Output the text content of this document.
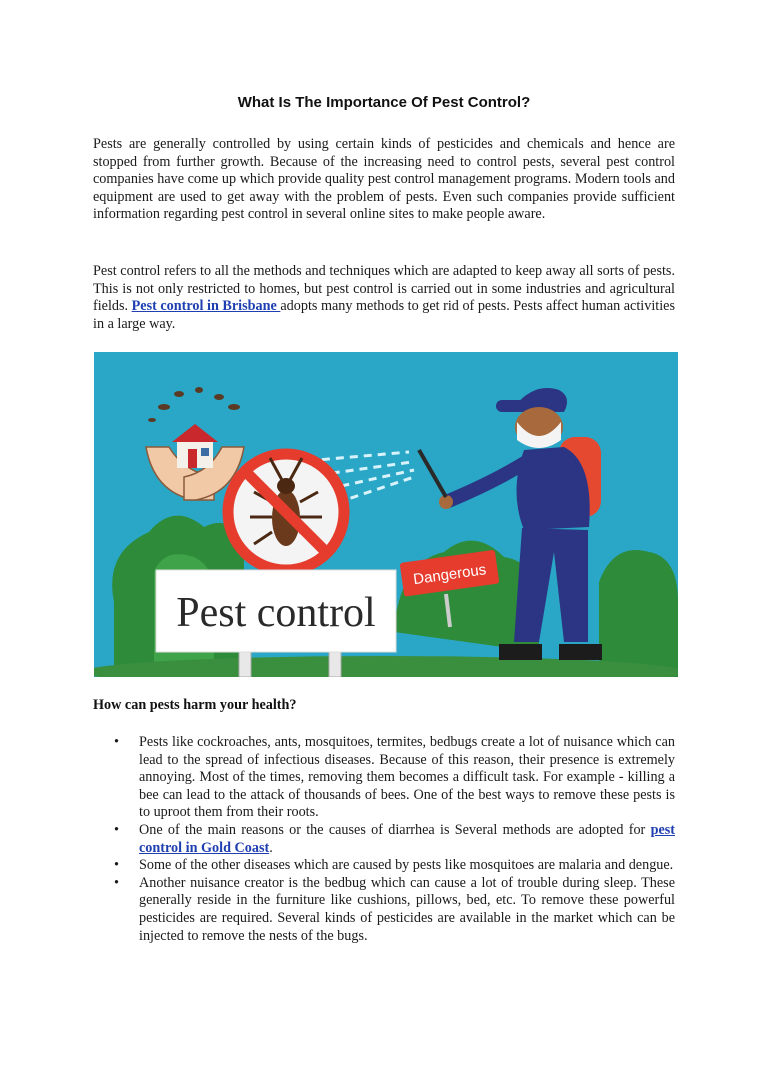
What Is The Importance Of Pest Control?

Pests are generally controlled by using certain kinds of pesticides and chemicals and hence are stopped from further growth. Because of the increasing need to control pests, several pest control companies have come up which provide quality pest control management programs. Modern tools and equipment are used to get away with the problem of pests. Even such companies provide sufficient information regarding pest control in several online sites to make people aware.

Pest control refers to all the methods and techniques which are adapted to keep away all sorts of pests. This is not only restricted to homes, but pest control is carried out in some industries and agricultural fields. Pest control in Brisbane adopts many methods to get rid of pests. Pests affect human activities in a large way.

Dangerous
Pest control
How can pests harm your health?
• Pests like cockroaches, ants, mosquitoes, termites, bedbugs create a lot of nuisance which can lead to the spread of infectious diseases. Because of this reason, their presence is extremely annoying. Most of the times, removing them becomes a difficult task. For example - killing a bee can lead to the attack of thousands of bees. One of the best ways to remove these pests is to uproot them from their roots.
• One of the main reasons or the causes of diarrhea is Several methods are adopted for pest control in Gold Coast.
• Some of the other diseases which are caused by pests like mosquitoes are malaria and dengue.
• Another nuisance creator is the bedbug which can cause a lot of trouble during sleep. These generally reside in the furniture like cushions, pillows, bed, etc. To remove these powerful pesticides are required. Several kinds of pesticides are available in the market which can be injected to remove the nests of the bugs.
